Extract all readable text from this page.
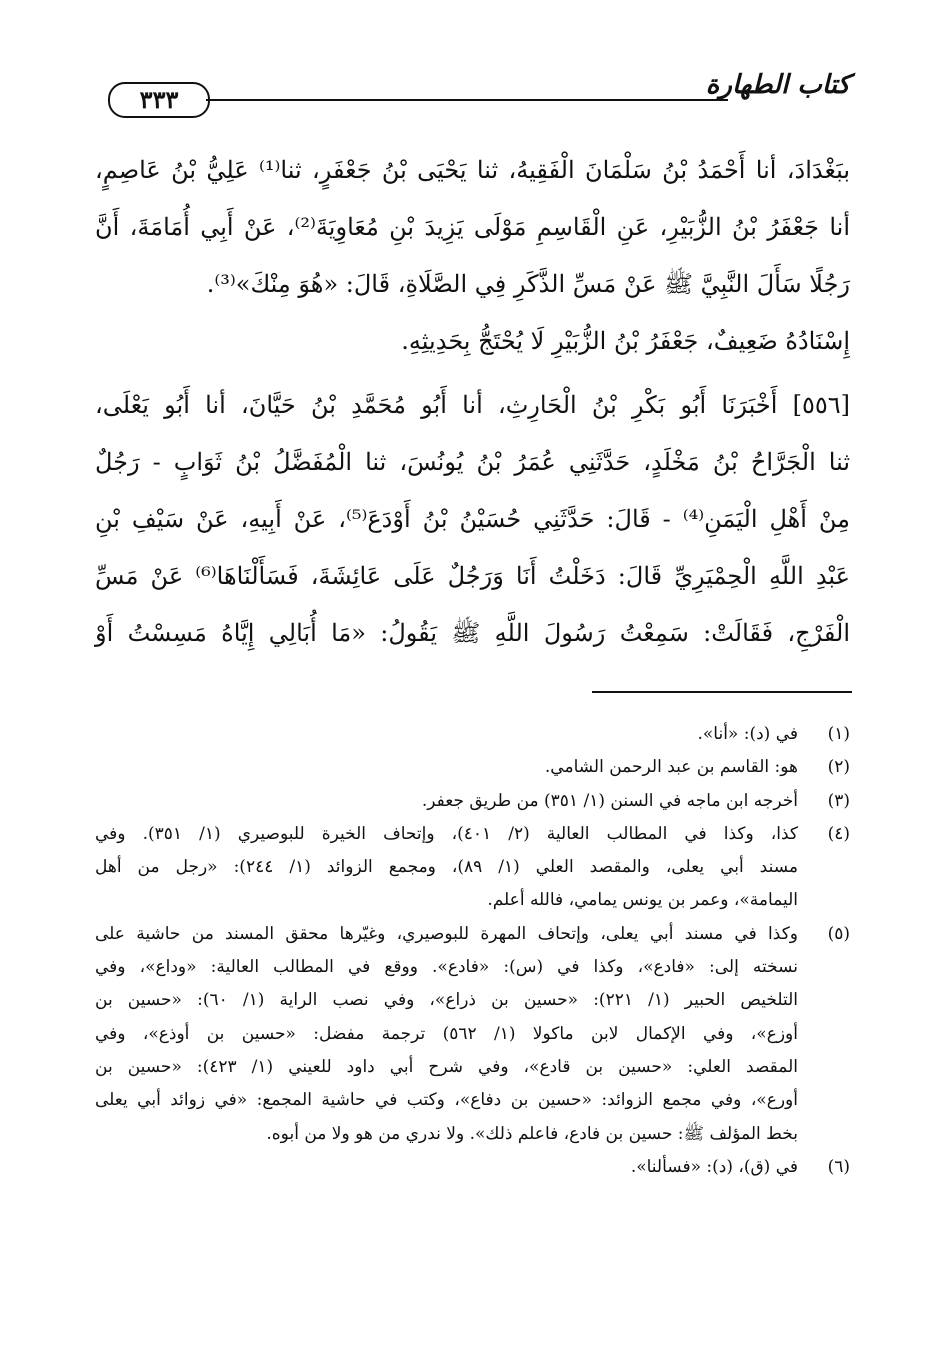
كتاب الطهارة
٣٣٣
ببَغْدَادَ، أنا أَحْمَدُ بْنُ سَلْمَانَ الْفَقِيهُ، ثنا يَحْيَى بْنُ جَعْفَرٍ، ثنا⁽¹⁾ عَلِيُّ بْنُ عَاصِمٍ،
أنا جَعْفَرُ بْنُ الزُّبَيْرِ، عَنِ الْقَاسِمِ مَوْلَى يَزِيدَ بْنِ مُعَاوِيَةَ⁽²⁾، عَنْ أَبِي أُمَامَةَ، أَنَّ
رَجُلًا سَأَلَ النَّبِيَّ ﷺ عَنْ مَسِّ الذَّكَرِ فِي الصَّلَاةِ، قَالَ: «هُوَ مِنْكَ»⁽³⁾.
إِسْنَادُهُ ضَعِيفٌ، جَعْفَرُ بْنُ الزُّبَيْرِ لَا يُحْتَجُّ بِحَدِيثِهِ.
[٥٥٦] أَخْبَرَنَا أَبُو بَكْرِ بْنُ الْحَارِثِ، أنا أَبُو مُحَمَّدِ بْنُ حَيَّانَ، أنا أَبُو يَعْلَى،
ثنا الْجَرَّاحُ بْنُ مَخْلَدٍ، حَدَّثَنِي عُمَرُ بْنُ يُونُسَ، ثنا الْمُفَضَّلُ بْنُ ثَوَابٍ - رَجُلٌ
مِنْ أَهْلِ الْيَمَنِ⁽⁴⁾ - قَالَ: حَدَّثَنِي حُسَيْنُ بْنُ أَوْدَعَ⁽⁵⁾، عَنْ أَبِيهِ، عَنْ سَيْفِ بْنِ
عَبْدِ اللَّهِ الْحِمْيَرِيِّ قَالَ: دَخَلْتُ أَنَا وَرَجُلٌ عَلَى عَائِشَةَ، فَسَأَلْنَاهَا⁽⁶⁾ عَنْ مَسِّ
الْفَرْجِ، فَقَالَتْ: سَمِعْتُ رَسُولَ اللَّهِ ﷺ يَقُولُ: «مَا أُبَالِي إِيَّاهُ مَسِسْتُ أَوْ
(١)
في (د): «أنا».
(٢)
هو: القاسم بن عبد الرحمن الشامي.
(٣)
أخرجه ابن ماجه في السنن (١/ ٣٥١) من طريق جعفر.
(٤)
كذا، وكذا في المطالب العالية (٢/ ٤٠١)، وإتحاف الخيرة للبوصيري (١/ ٣٥١). وفي
مسند أبي يعلى، والمقصد العلي (١/ ٨٩)، ومجمع الزوائد (١/ ٢٤٤): «رجل من أهل
اليمامة»، وعمر بن يونس يمامي، فالله أعلم.
(٥)
وكذا في مسند أبي يعلى، وإتحاف المهرة للبوصيري، وغيّرها محقق المسند من حاشية على
نسخته إلى: «فادع»، وكذا في (س): «فادع». ووقع في المطالب العالية: «وداع»، وفي
التلخيص الحبير (١/ ٢٢١): «حسين بن ذراع»، وفي نصب الراية (١/ ٦٠): «حسين بن
أوزع»، وفي الإكمال لابن ماكولا (١/ ٥٦٢) ترجمة مفضل: «حسين بن أوذع»، وفي
المقصد العلي: «حسين بن قادع»، وفي شرح أبي داود للعيني (١/ ٤٢٣): «حسين بن
أورع»، وفي مجمع الزوائد: «حسين بن دفاع»، وكتب في حاشية المجمع: «في زوائد أبي يعلى
بخط المؤلف ﷺ: حسين بن فادع، فاعلم ذلك». ولا ندري من هو ولا من أبوه.
(٦)
في (ق)، (د): «فسألنا».
